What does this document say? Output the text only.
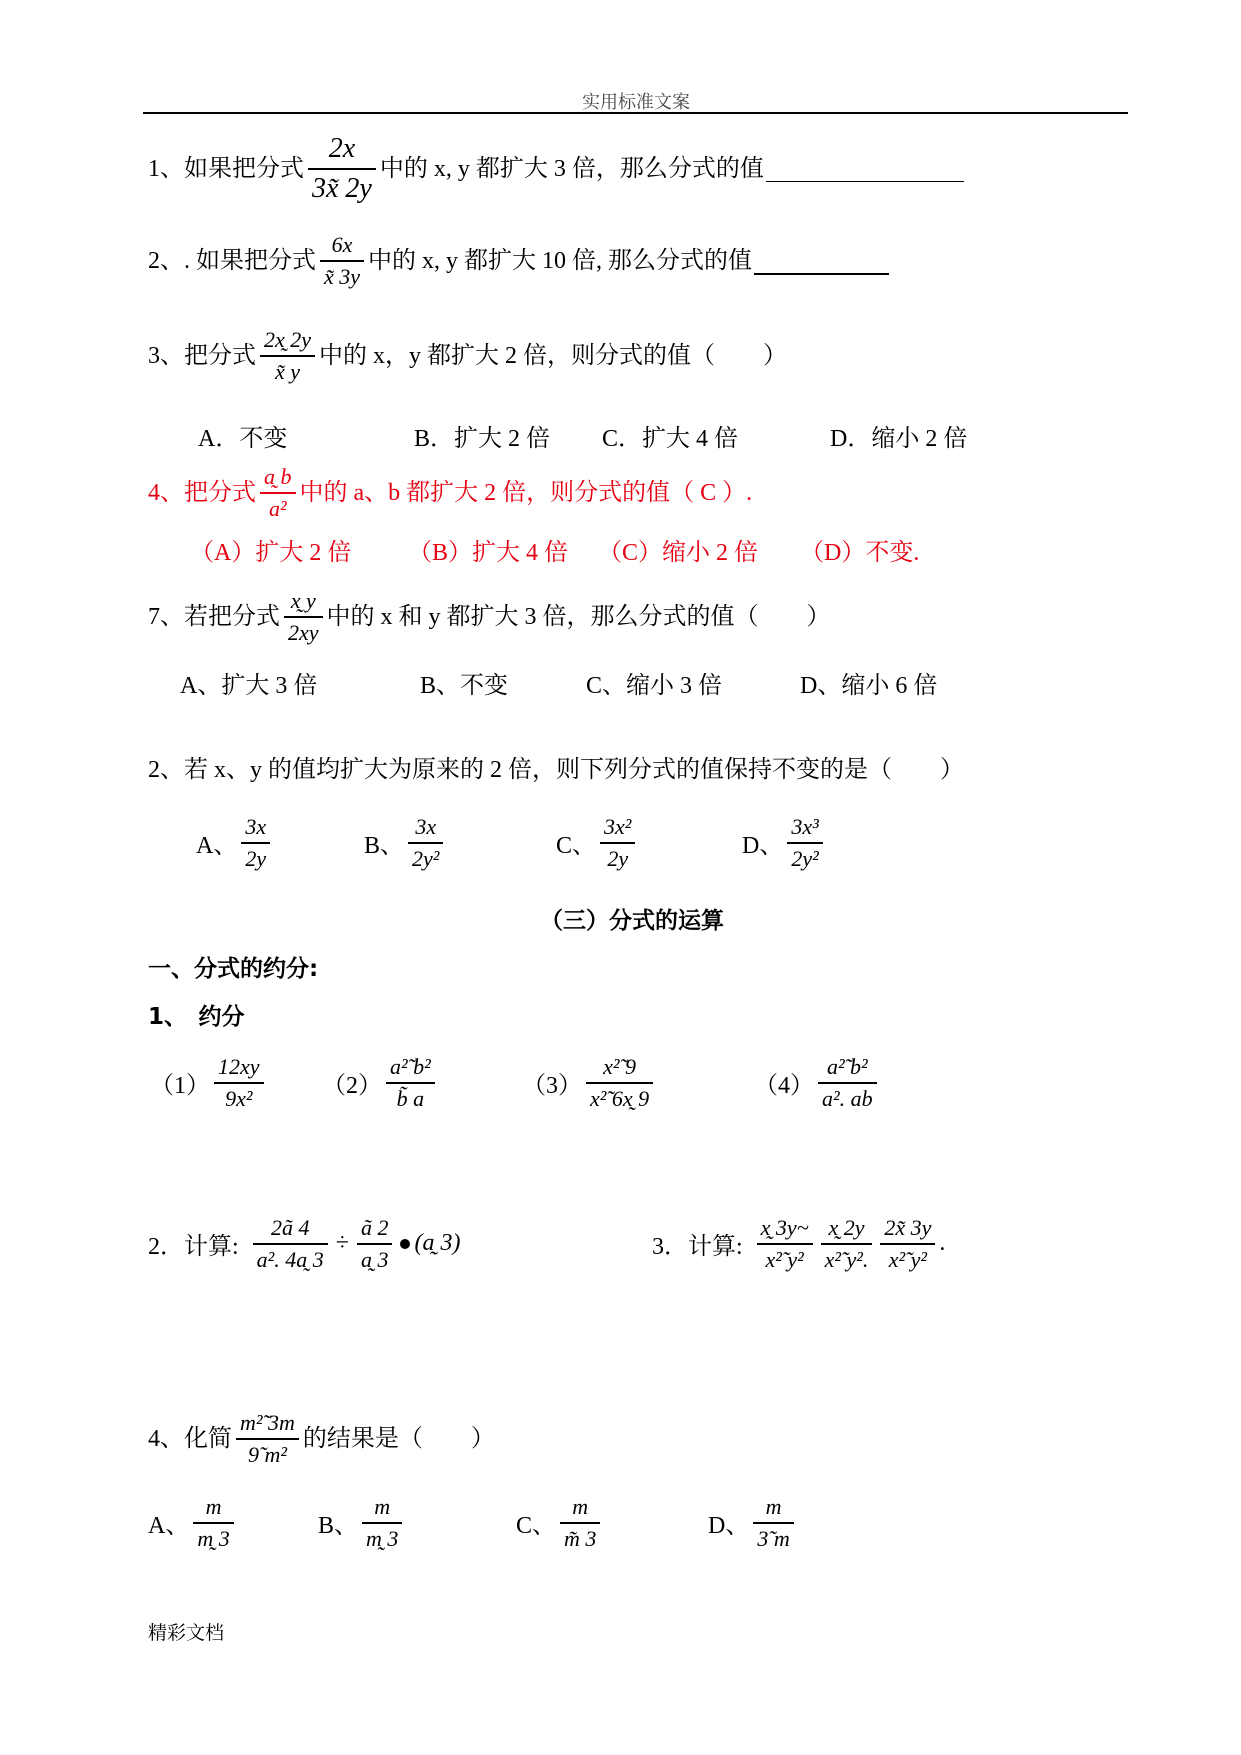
实用标准文案
1、如果把分式 $\frac{2x}{3x̃ 2y}$ 中的 x, y 都扩大 3 倍，那么分式的值
2、. 如果把分式 $\frac{6x}{x̃ 3y}$ 中的 x, y 都扩大 10 倍, 那么分式的值
3、把分式 $\frac{2x̰ 2y}{x̃ y}$ 中的 x，y 都扩大 2 倍，则分式的值（　　）
A．不变	B．扩大 2 倍 C．扩大 4 倍	D．缩小 2 倍
4、把分式 $\frac{a̰ b}{\text{a²}}$ 中的 a、b 都扩大 2 倍，则分式的值（ C ）.
（A）扩大 2 倍 （B）扩大 4 倍 （C）缩小 2 倍 （D）不变.
7、若把分式 $\frac{x̰ y}{2xy}$ 中的 x 和 y 都扩大 3 倍，那么分式的值（　　）
A、扩大 3 倍	B、不变	C、缩小 3 倍	D、缩小 6 倍
2、若 x、y 的值均扩大为原来的 2 倍，则下列分式的值保持不变的是（　　）
A、 $\frac{3x}{2y}$	B、 $\frac{3x}{\text{2y²}}$	C、 $\frac{\text{3x²}}{2y}$	D、 $\frac{\text{3x³}}{\text{2y²}}$
（三）分式的运算
一、分式的约分:
1、　约分
$(1) \frac{12xy}{\text{9x²}} (2) \frac{\text{a²̃ b²}}{b̃ a}$	$(3) \frac{\text{x²̃ 9}}{\text{x²̃ 6x̰ 9}}$	$(4) \frac{\text{a²̃ b²}}{\text{a². ab}}$
2．计算: $\frac{2ã 4}{\text{a². 4a̰ 3}} \div \frac{ã 2}{a̰ 3}$ (a̰ 3)	3．计算: $\frac{x̰ 3y\sim}{\text{x²̃ y²}} \frac{x̰ 2y}{\text{x²̃ y².}} \frac{2x̃ 3y}{\text{x²̃ y²}}$ .
4、化简 $\frac{\text{m²̃ 3m}}{\text{9̃ m²}}$ 的结果是（　　）
A、 $\frac{m}{m̰ 3}$	B、 $\frac{m}{m̰ 3}$	C、 $\frac{m}{m̃ 3}$	D、 $\frac{m}{3̃ m}$
精彩文档
